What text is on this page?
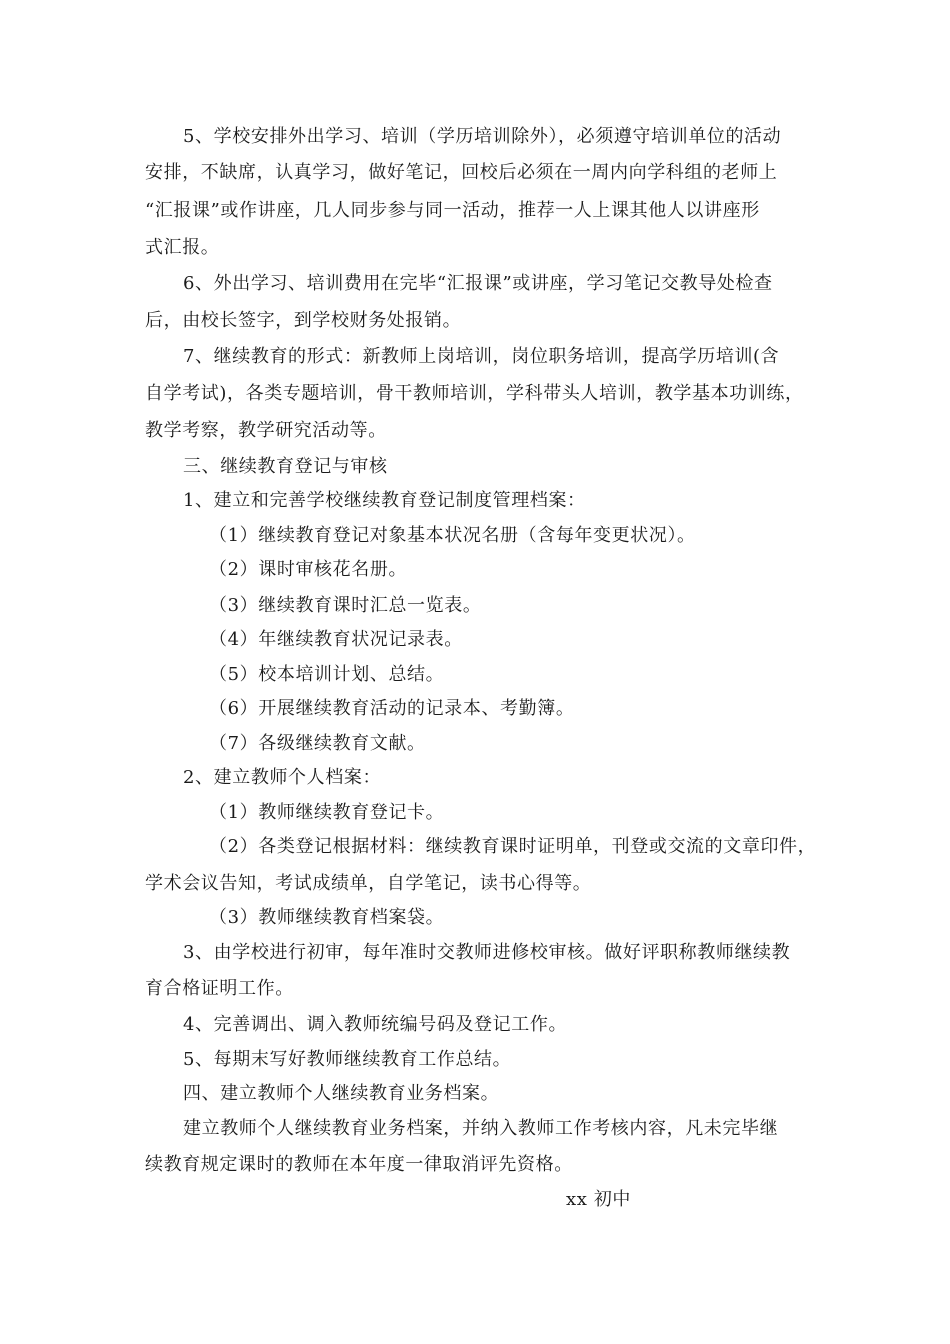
5、学校安排外出学习、培训（学历培训除外），必须遵守培训单位的活动
安排，不缺席，认真学习，做好笔记，回校后必须在一周内向学科组的老师上
“汇报课”或作讲座，几人同步参与同一活动，推荐一人上课其他人以讲座形
式汇报。
6、外出学习、培训费用在完毕“汇报课”或讲座，学习笔记交教导处检查
后，由校长签字，到学校财务处报销。
7、继续教育的形式：新教师上岗培训，岗位职务培训，提高学历培训(含
自学考试)，各类专题培训，骨干教师培训，学科带头人培训，教学基本功训练，
教学考察，教学研究活动等。
三、继续教育登记与审核
1、建立和完善学校继续教育登记制度管理档案：
（1）继续教育登记对象基本状况名册（含每年变更状况）。
（2）课时审核花名册。
（3）继续教育课时汇总一览表。
（4）年继续教育状况记录表。
（5）校本培训计划、总结。
（6）开展继续教育活动的记录本、考勤簿。
（7）各级继续教育文献。
2、建立教师个人档案：
（1）教师继续教育登记卡。
（2）各类登记根据材料：继续教育课时证明单，刊登或交流的文章印件，
学术会议告知，考试成绩单，自学笔记，读书心得等。
（3）教师继续教育档案袋。
3、由学校进行初审，每年准时交教师进修校审核。做好评职称教师继续教
育合格证明工作。
4、完善调出、调入教师统编号码及登记工作。
5、每期末写好教师继续教育工作总结。
四、建立教师个人继续教育业务档案。
建立教师个人继续教育业务档案，并纳入教师工作考核内容，凡未完毕继
续教育规定课时的教师在本年度一律取消评先资格。
xx 初中
